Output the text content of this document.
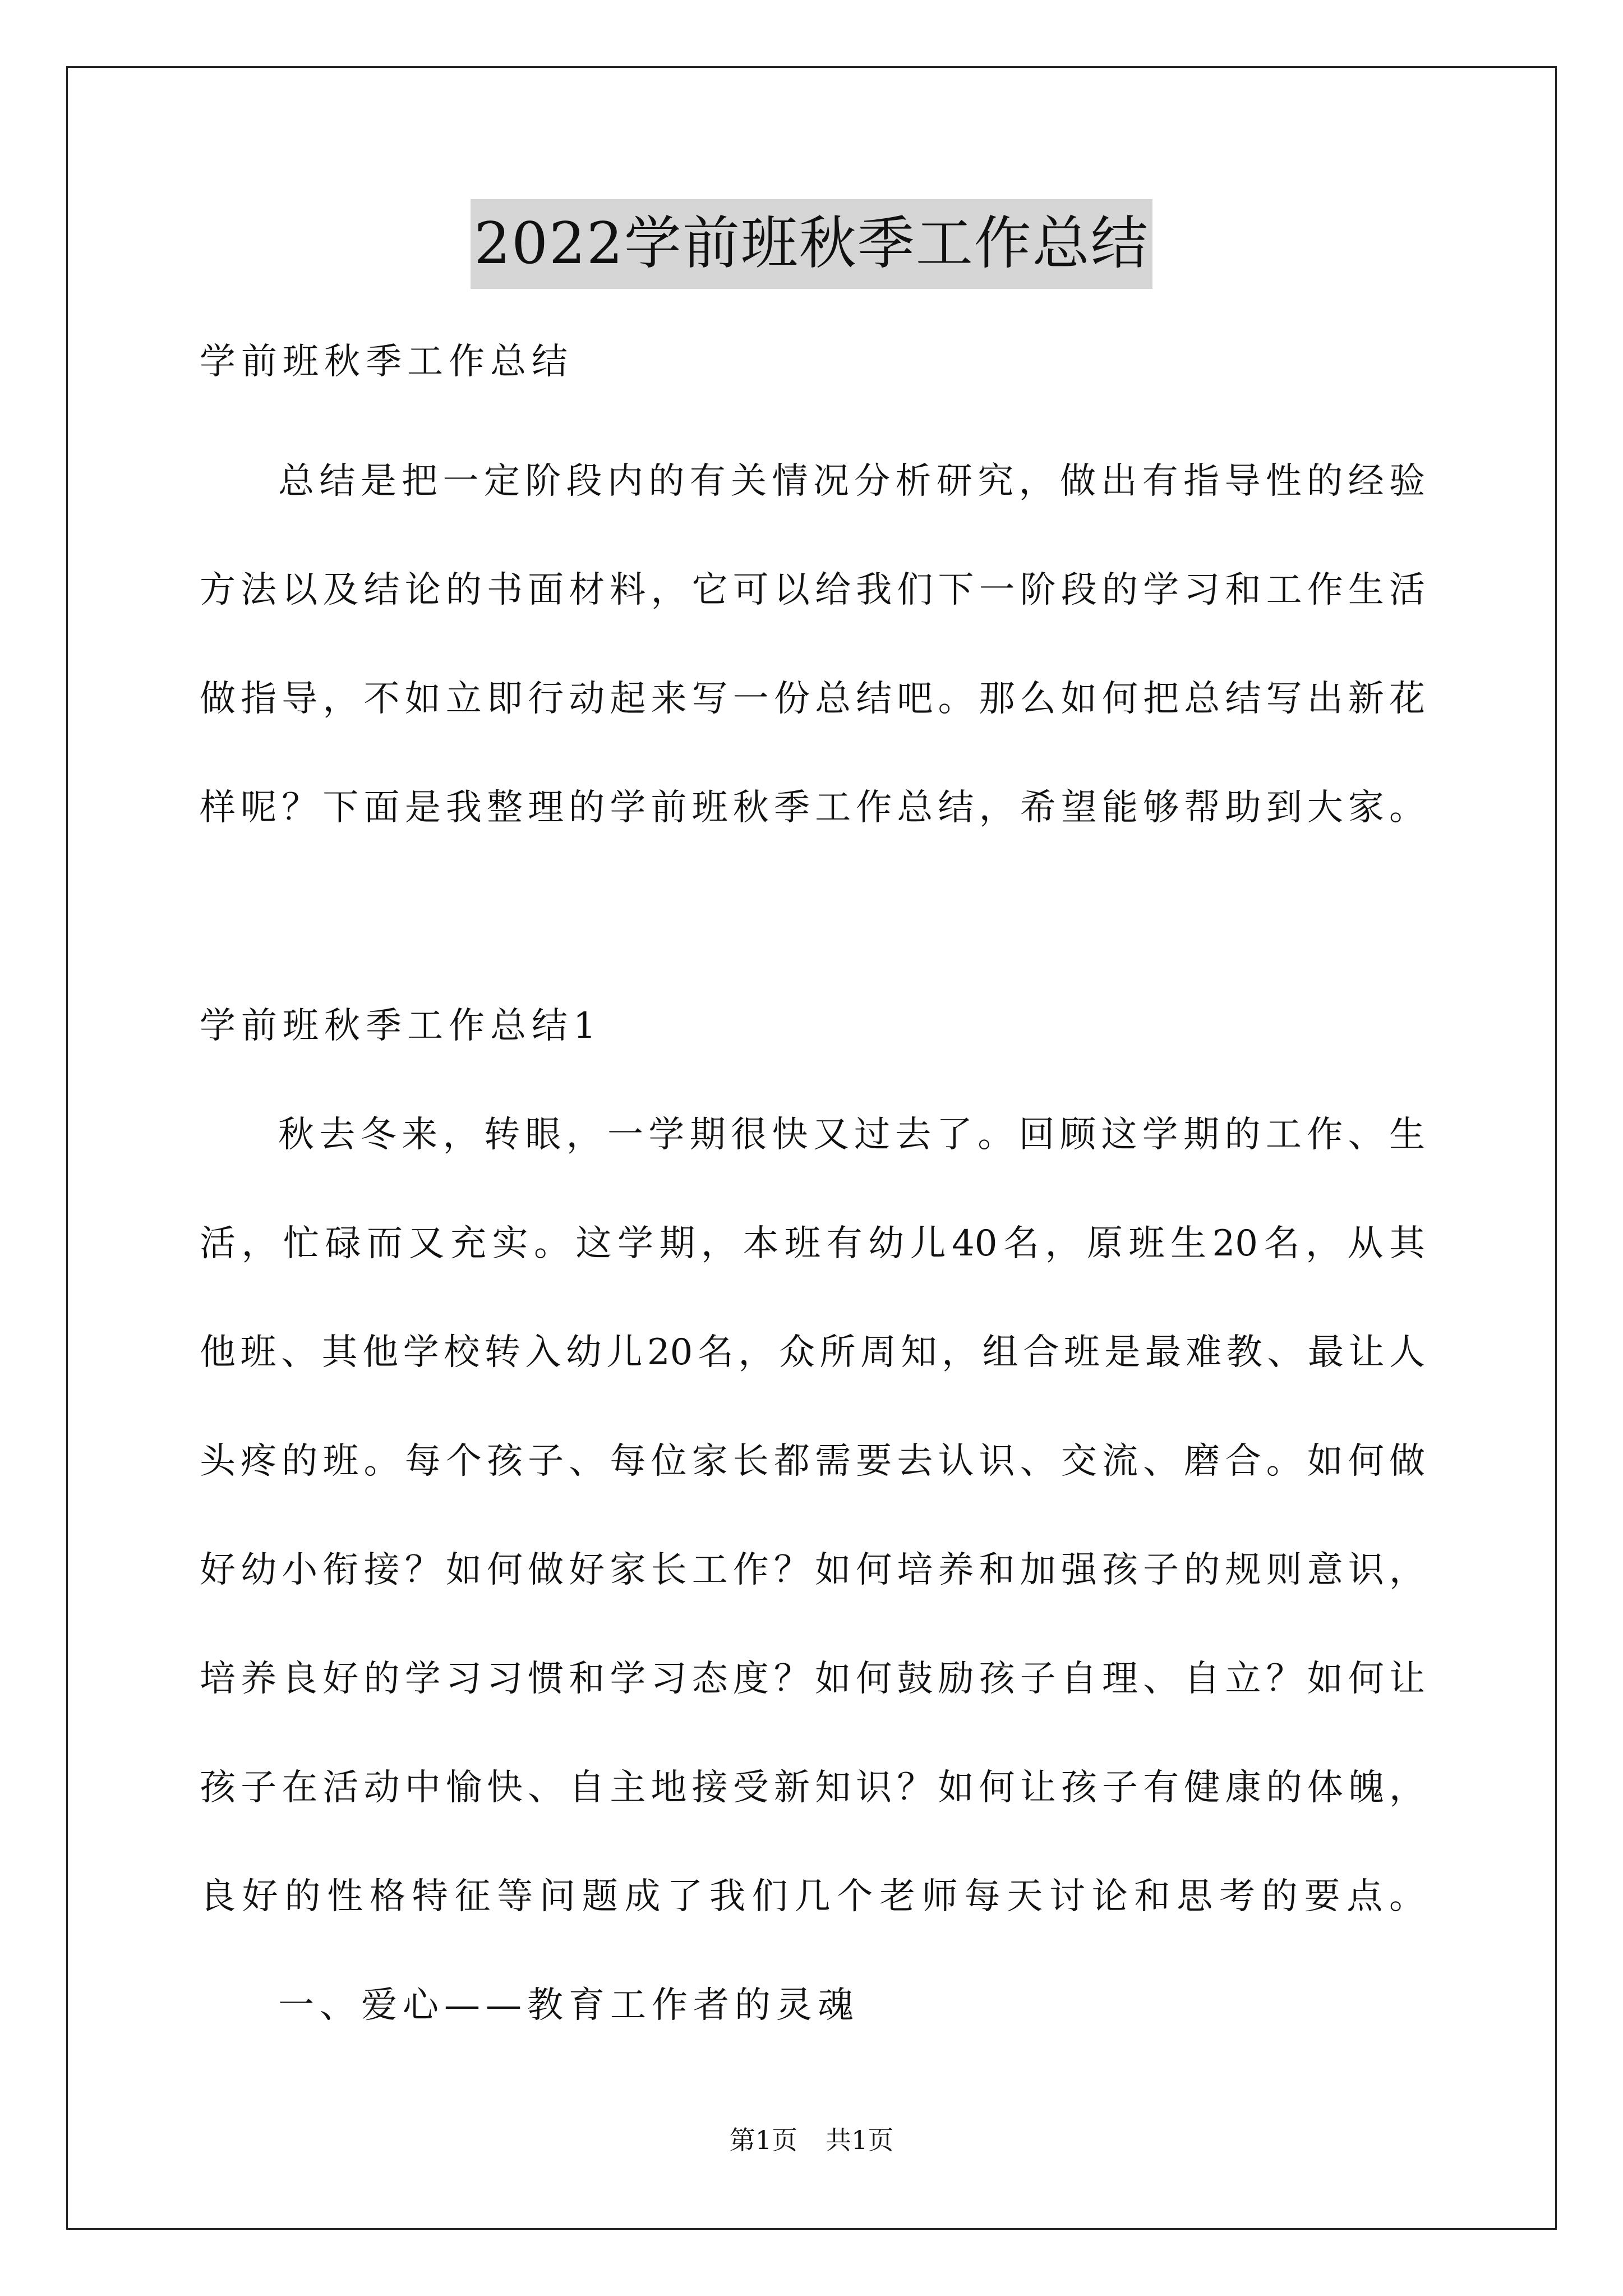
2022学前班秋季工作总结
学前班秋季工作总结
总结是把一定阶段内的有关情况分析研究，做出有指导性的经验
方法以及结论的书面材料，它可以给我们下一阶段的学习和工作生活
做指导，不如立即行动起来写一份总结吧。那么如何把总结写出新花
样呢？下面是我整理的学前班秋季工作总结，希望能够帮助到大家。
学前班秋季工作总结1
秋去冬来，转眼，一学期很快又过去了。回顾这学期的工作、生
活，忙碌而又充实。这学期，本班有幼儿40名，原班生20名，从其
他班、其他学校转入幼儿20名，众所周知，组合班是最难教、最让人
头疼的班。每个孩子、每位家长都需要去认识、交流、磨合。如何做
好幼小衔接？如何做好家长工作？如何培养和加强孩子的规则意识，
培养良好的学习习惯和学习态度？如何鼓励孩子自理、自立？如何让
孩子在活动中愉快、自主地接受新知识？如何让孩子有健康的体魄，
良好的性格特征等问题成了我们几个老师每天讨论和思考的要点。
一、爱心——教育工作者的灵魂
第1页 共1页
